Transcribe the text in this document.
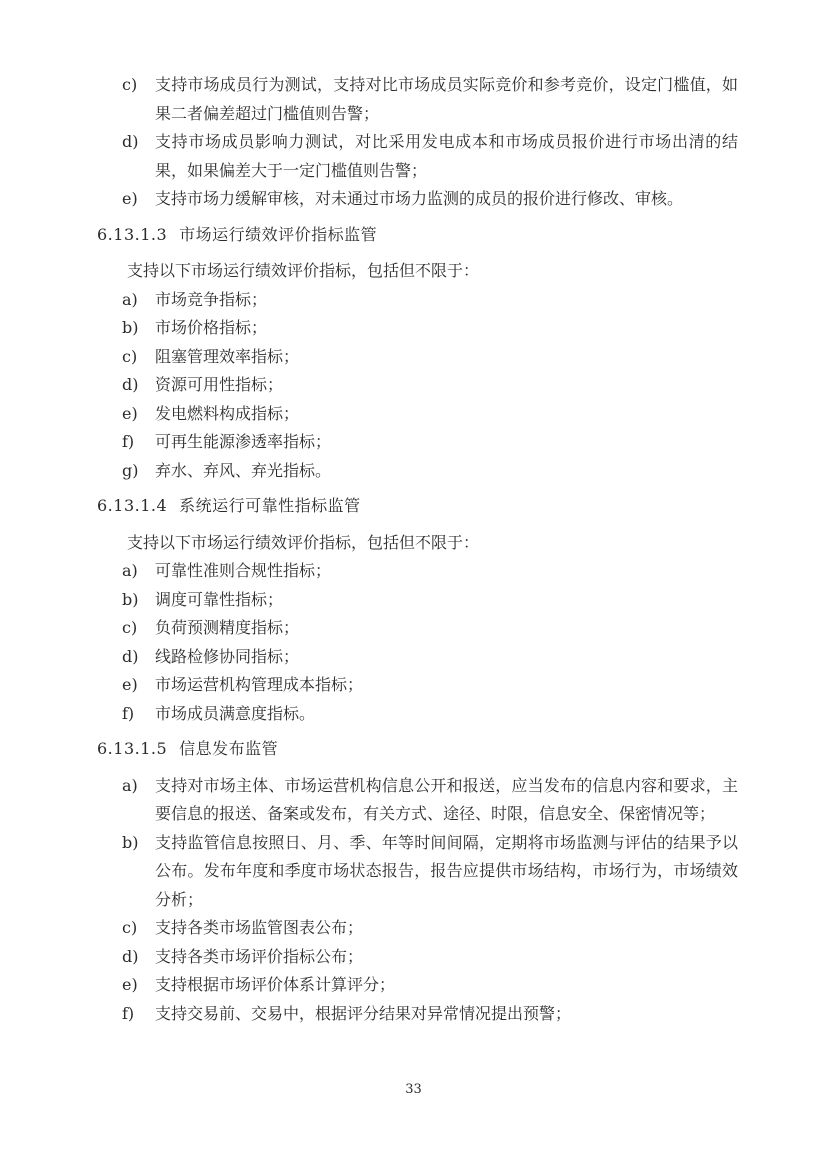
c)	支持市场成员行为测试，支持对比市场成员实际竞价和参考竞价，设定门槛值，如果二者偏差超过门槛值则告警；
d)	支持市场成员影响力测试，对比采用发电成本和市场成员报价进行市场出清的结果，如果偏差大于一定门槛值则告警；
e)	支持市场力缓解审核，对未通过市场力监测的成员的报价进行修改、审核。
6.13.1.3 市场运行绩效评价指标监管
支持以下市场运行绩效评价指标，包括但不限于：
a)	市场竞争指标；
b)	市场价格指标；
c)	阻塞管理效率指标；
d)	资源可用性指标；
e)	发电燃料构成指标；
f)	可再生能源渗透率指标；
g)	弃水、弃风、弃光指标。
6.13.1.4 系统运行可靠性指标监管
支持以下市场运行绩效评价指标，包括但不限于：
a)	可靠性准则合规性指标；
b)	调度可靠性指标；
c)	负荷预测精度指标；
d)	线路检修协同指标；
e)	市场运营机构管理成本指标；
f)	市场成员满意度指标。
6.13.1.5 信息发布监管
a)	支持对市场主体、市场运营机构信息公开和报送，应当发布的信息内容和要求，主要信息的报送、备案或发布，有关方式、途径、时限，信息安全、保密情况等；
b)	支持监管信息按照日、月、季、年等时间间隔，定期将市场监测与评估的结果予以公布。发布年度和季度市场状态报告，报告应提供市场结构，市场行为，市场绩效分析；
c)	支持各类市场监管图表公布；
d)	支持各类市场评价指标公布；
e)	支持根据市场评价体系计算评分；
f)	支持交易前、交易中，根据评分结果对异常情况提出预警；
33
